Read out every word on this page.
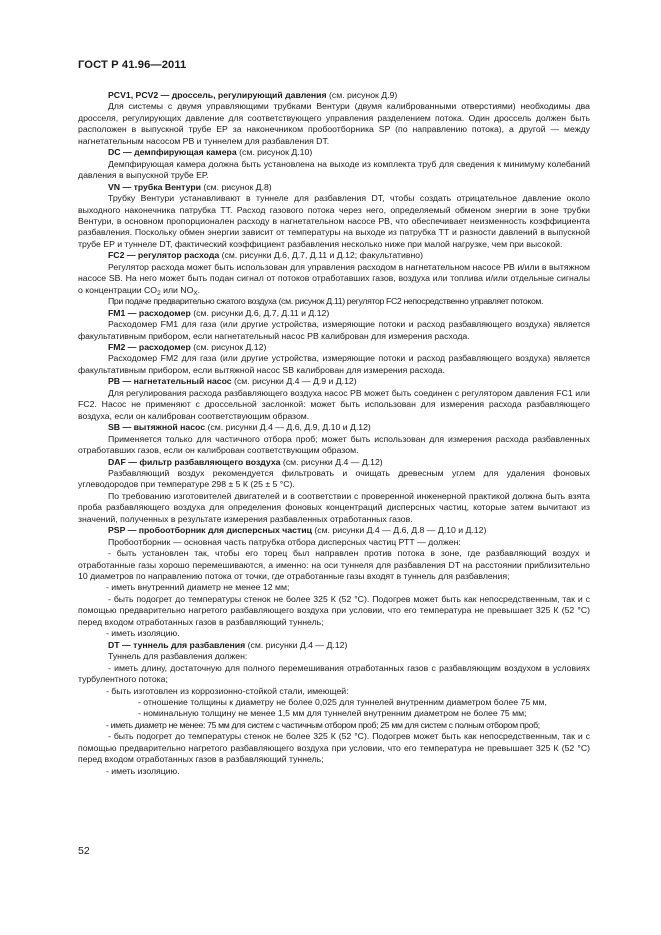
ГОСТ Р 41.96—2011

PCV1, PCV2 — дроссель, регулирующий давления (см. рисунок Д.9)

Для системы с двумя управляющими трубками Вентури (двумя калиброванными отверстиями) необходимы два дросселя, регулирующих давление для соответствующего управления разделением потока. Один дроссель должен быть расположен в выпускной трубе ЕР за наконечником пробоотборника SP (по направлению потока), а другой — между нагнетательным насосом РВ и туннелем для разбавления DT.

DC — демпфирующая камера (см. рисунок Д.10)

Демпфирующая камера должна быть установлена на выходе из комплекта труб для сведения к минимуму колебаний давления в выпускной трубе ЕР.

VN — трубка Вентури (см. рисунок Д.8)

Трубку Вентури устанавливают в туннеле для разбавления DT, чтобы создать отрицательное давление около выходного наконечника патрубка ТТ. Расход газового потока через него, определяемый обменом энергии в зоне трубки Вентури, в основном пропорционален расходу в нагнетательном насосе РВ, что обеспечивает неизменность коэффициента разбавления. Поскольку обмен энергии зависит от температуры на выходе из патрубка ТТ и разности давлений в выпускной трубе ЕР и туннеле DT, фактический коэффициент разбавления несколько ниже при малой нагрузке, чем при высокой.

FC2 — регулятор расхода (см. рисунки Д.6, Д.7, Д.11 и Д.12; факультативно)

Регулятор расхода может быть использован для управления расходом в нагнетательном насосе РВ и/или в вытяжном насосе SB. На него может быть подан сигнал от потоков отработавших газов, воздуха или топлива и/или отдельные сигналы о концентрации $CO_2$ или $NO_X$.

При подаче предварительно сжатого воздуха (см. рисунок Д.11) регулятор FC2 непосредственно управляет потоком.

FM1 — расходомер (см. рисунки Д.6, Д.7, Д.11 и Д.12)

Расходомер FM1 для газа (или другие устройства, измеряющие потоки и расход разбавляющего воздуха) является факультативным прибором, если нагнетательный насос РВ калиброван для измерения расхода.

FM2 — расходомер (см. рисунок Д.12)

Расходомер FM2 для газа (или другие устройства, измеряющие потоки и расход разбавляющего воздуха) является факультативным прибором, если вытяжной насос SB калиброван для измерения расхода.

РВ — нагнетательный насос (см. рисунки Д.4 — Д.9 и Д.12)

Для регулирования расхода разбавляющего воздуха насос РВ может быть соединен с регулятором давления FC1 или FC2. Насос не применяют с дроссельной заслонкой: может быть использован для измерения расхода разбавляющего воздуха, если он калиброван соответствующим образом.

SB — вытяжной насос (см. рисунки Д.4 — Д.6, Д.9, Д.10 и Д.12)

Применяется только для частичного отбора проб; может быть использован для измерения расхода разбавленных отработавших газов, если он калиброван соответствующим образом.

DAF — фильтр разбавляющего воздуха (см. рисунки Д.4 — Д.12)

Разбавляющий воздух рекомендуется фильтровать и очищать древесным углем для удаления фоновых углеводородов при температуре 298 ± 5 К (25 ± 5 °C).

По требованию изготовителей двигателей и в соответствии с проверенной инженерной практикой должна быть взята проба разбавляющего воздуха для определения фоновых концентраций дисперсных частиц, которые затем вычитают из значений, полученных в результате измерения разбавленных отработанных газов.

PSP — пробоотборник для дисперсных частиц (см. рисунки Д.4 — Д.6, Д.8 — Д.10 и Д.12)

Пробоотборник — основная часть патрубка отбора дисперсных частиц РТТ — должен:

- быть установлен так, чтобы его торец был направлен против потока в зоне, где разбавляющий воздух и отработанные газы хорошо перемешиваются, а именно: на оси туннеля для разбавления DT на расстоянии приблизительно 10 диаметров по направлению потока от точки, где отработанные газы входят в туннель для разбавления;

- иметь внутренний диаметр не менее 12 мм;

- быть подогрет до температуры стенок не более 325 К (52 °C). Подогрев может быть как непосредственным, так и с помощью предварительно нагретого разбавляющего воздуха при условии, что его температура не превышает 325 К (52 °C) перед входом отработанных газов в разбавляющий туннель;

- иметь изоляцию.

DT — туннель для разбавления (см. рисунки Д.4 — Д.12)

Туннель для разбавления должен:

- иметь длину, достаточную для полного перемешивания отработанных газов с разбавляющим воздухом в условиях турбулентного потока;

- быть изготовлен из коррозионно-стойкой стали, имеющей:

- отношение толщины к диаметру не более 0,025 для туннелей внутренним диаметром более 75 мм,

- номинальную толщину не менее 1,5 мм для туннелей внутренним диаметром не более 75 мм;

- иметь диаметр не менее: 75 мм для систем с частичным отбором проб; 25 мм для систем с полным отбором проб;

- быть подогрет до температуры стенок не более 325 К (52 °C). Подогрев может быть как непосредственным, так и с помощью предварительно нагретого разбавляющего воздуха при условии, что его температура не превышает 325 К (52 °C) перед входом отработанных газов в разбавляющий туннель;

- иметь изоляцию.

52
